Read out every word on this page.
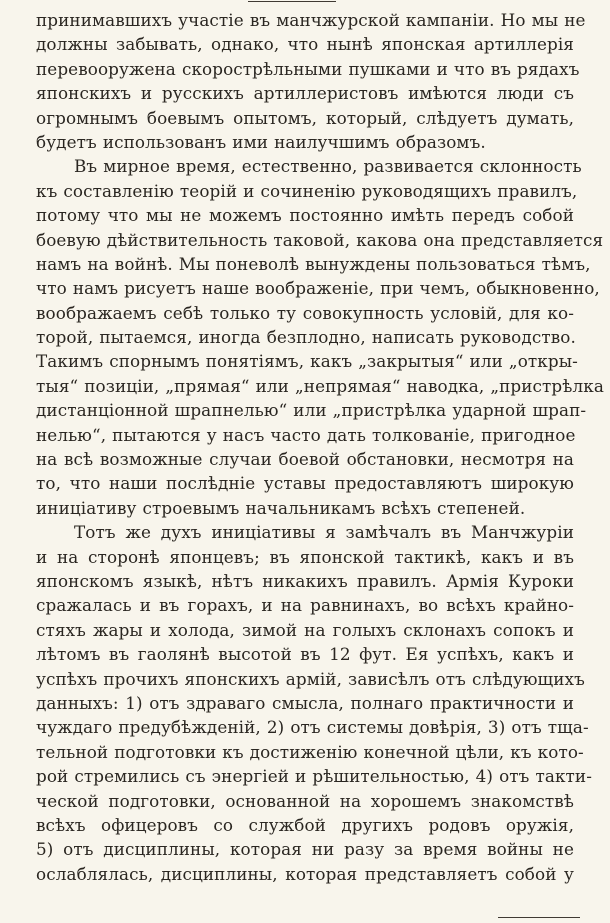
принимавшихъ участіе въ манчжурской кампаніи. Но мы не
должны забывать, однако, что нынѣ японская артиллерія
перевооружена скорострѣльными пушками и что въ рядахъ
японскихъ и русскихъ артиллеристовъ имѣются люди съ
огромнымъ боевымъ опытомъ, который, слѣдуетъ думать,
будетъ использованъ ими наилучшимъ образомъ.
Въ мирное время, естественно, развивается склонность
къ составленію теорій и сочиненію руководящихъ правилъ,
потому что мы не можемъ постоянно имѣть передъ собой
боевую дѣйствительность таковой, какова она представляется
намъ на войнѣ. Мы поневолѣ вынуждены пользоваться тѣмъ,
что намъ рисуетъ наше воображеніе, при чемъ, обыкновенно,
воображаемъ себѣ только ту совокупность условій, для ко-
торой, пытаемся, иногда безплодно, написать руководство.
Такимъ спорнымъ понятіямъ, какъ „закрытыя“ или „откры-
тыя“ позиціи, „прямая“ или „непрямая“ наводка, „пристрѣлка
дистанціонной шрапнелью“ или „пристрѣлка ударной шрап-
нелью“, пытаются у насъ часто дать толкованіе, пригодное
на всѣ возможные случаи боевой обстановки, несмотря на
то, что наши послѣдніе уставы предоставляютъ широкую
иниціативу строевымъ начальникамъ всѣхъ степеней.
Тотъ же духъ иниціативы я замѣчалъ въ Манчжуріи
и на сторонѣ японцевъ; въ японской тактикѣ, какъ и въ
японскомъ языкѣ, нѣтъ никакихъ правилъ. Армія Куроки
сражалась и въ горахъ, и на равнинахъ, во всѣхъ крайно-
стяхъ жары и холода, зимой на голыхъ склонахъ сопокъ и
лѣтомъ въ гаолянѣ высотой въ 12 фут. Ея успѣхъ, какъ и
успѣхъ прочихъ японскихъ армій, зависѣлъ отъ слѣдующихъ
данныхъ: 1) отъ здраваго смысла, полнаго практичности и
чуждаго предубѣжденій, 2) отъ системы довѣрія, 3) отъ тща-
тельной подготовки къ достиженію конечной цѣли, къ кото-
рой стремились съ энергіей и рѣшительностью, 4) отъ такти-
ческой подготовки, основанной на хорошемъ знакомствѣ
всѣхъ офицеровъ со службой другихъ родовъ оружія,
5) отъ дисциплины, которая ни разу за время войны не
ослаблялась, дисциплины, которая представляетъ собой у
